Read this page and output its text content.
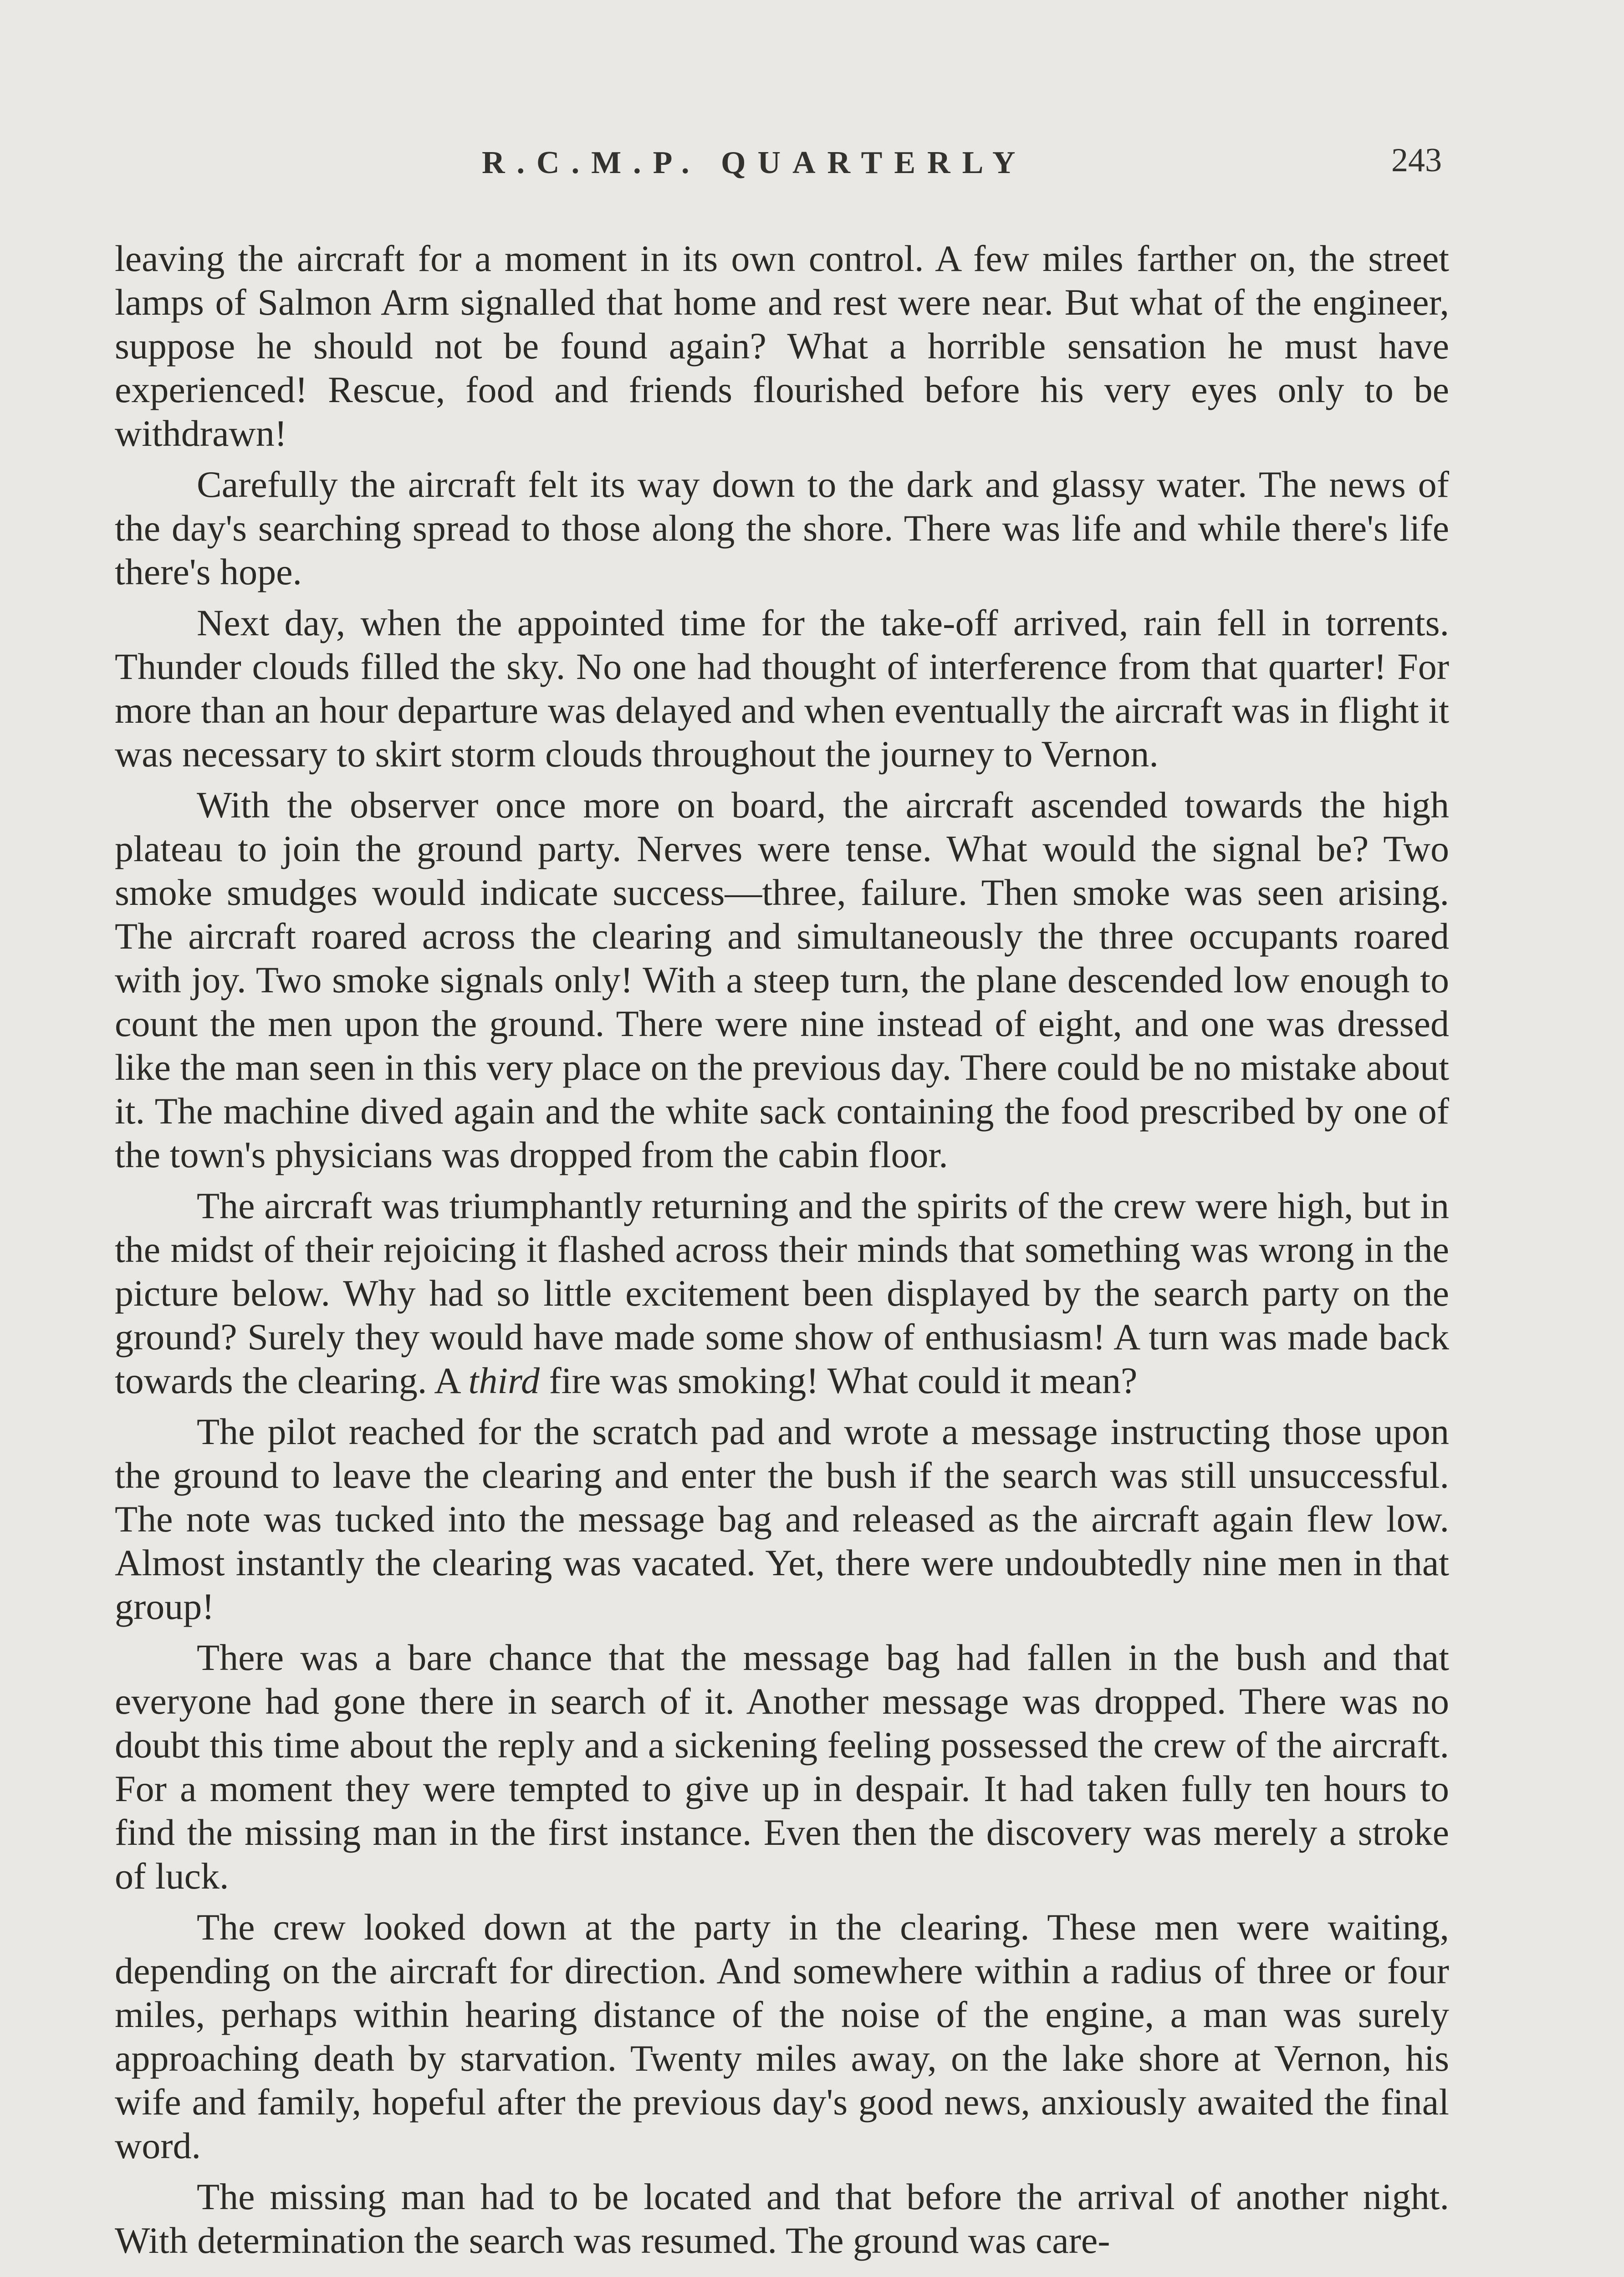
R.C.M.P. QUARTERLY	243

leaving the aircraft for a moment in its own control. A few miles farther on, the street lamps of Salmon Arm signalled that home and rest were near. But what of the engineer, suppose he should not be found again? What a horrible sensation he must have experienced! Rescue, food and friends flourished before his very eyes only to be withdrawn!

Carefully the aircraft felt its way down to the dark and glassy water. The news of the day's searching spread to those along the shore. There was life and while there's life there's hope.

Next day, when the appointed time for the take-off arrived, rain fell in torrents. Thunder clouds filled the sky. No one had thought of interference from that quarter! For more than an hour departure was delayed and when eventually the aircraft was in flight it was necessary to skirt storm clouds throughout the journey to Vernon.

With the observer once more on board, the aircraft ascended towards the high plateau to join the ground party. Nerves were tense. What would the signal be? Two smoke smudges would indicate success—three, failure. Then smoke was seen arising. The aircraft roared across the clearing and simultaneously the three occupants roared with joy. Two smoke signals only! With a steep turn, the plane descended low enough to count the men upon the ground. There were nine instead of eight, and one was dressed like the man seen in this very place on the previous day. There could be no mistake about it. The machine dived again and the white sack containing the food prescribed by one of the town's physicians was dropped from the cabin floor.

The aircraft was triumphantly returning and the spirits of the crew were high, but in the midst of their rejoicing it flashed across their minds that something was wrong in the picture below. Why had so little excitement been displayed by the search party on the ground? Surely they would have made some show of enthusiasm! A turn was made back towards the clearing. A third fire was smoking! What could it mean?

The pilot reached for the scratch pad and wrote a message instructing those upon the ground to leave the clearing and enter the bush if the search was still unsuccessful. The note was tucked into the message bag and released as the aircraft again flew low. Almost instantly the clearing was vacated. Yet, there were undoubtedly nine men in that group!

There was a bare chance that the message bag had fallen in the bush and that everyone had gone there in search of it. Another message was dropped. There was no doubt this time about the reply and a sickening feeling possessed the crew of the aircraft. For a moment they were tempted to give up in despair. It had taken fully ten hours to find the missing man in the first instance. Even then the discovery was merely a stroke of luck.

The crew looked down at the party in the clearing. These men were waiting, depending on the aircraft for direction. And somewhere within a radius of three or four miles, perhaps within hearing distance of the noise of the engine, a man was surely approaching death by starvation. Twenty miles away, on the lake shore at Vernon, his wife and family, hopeful after the previous day's good news, anxiously awaited the final word.

The missing man had to be located and that before the arrival of another night. With determination the search was resumed. The ground was care-
